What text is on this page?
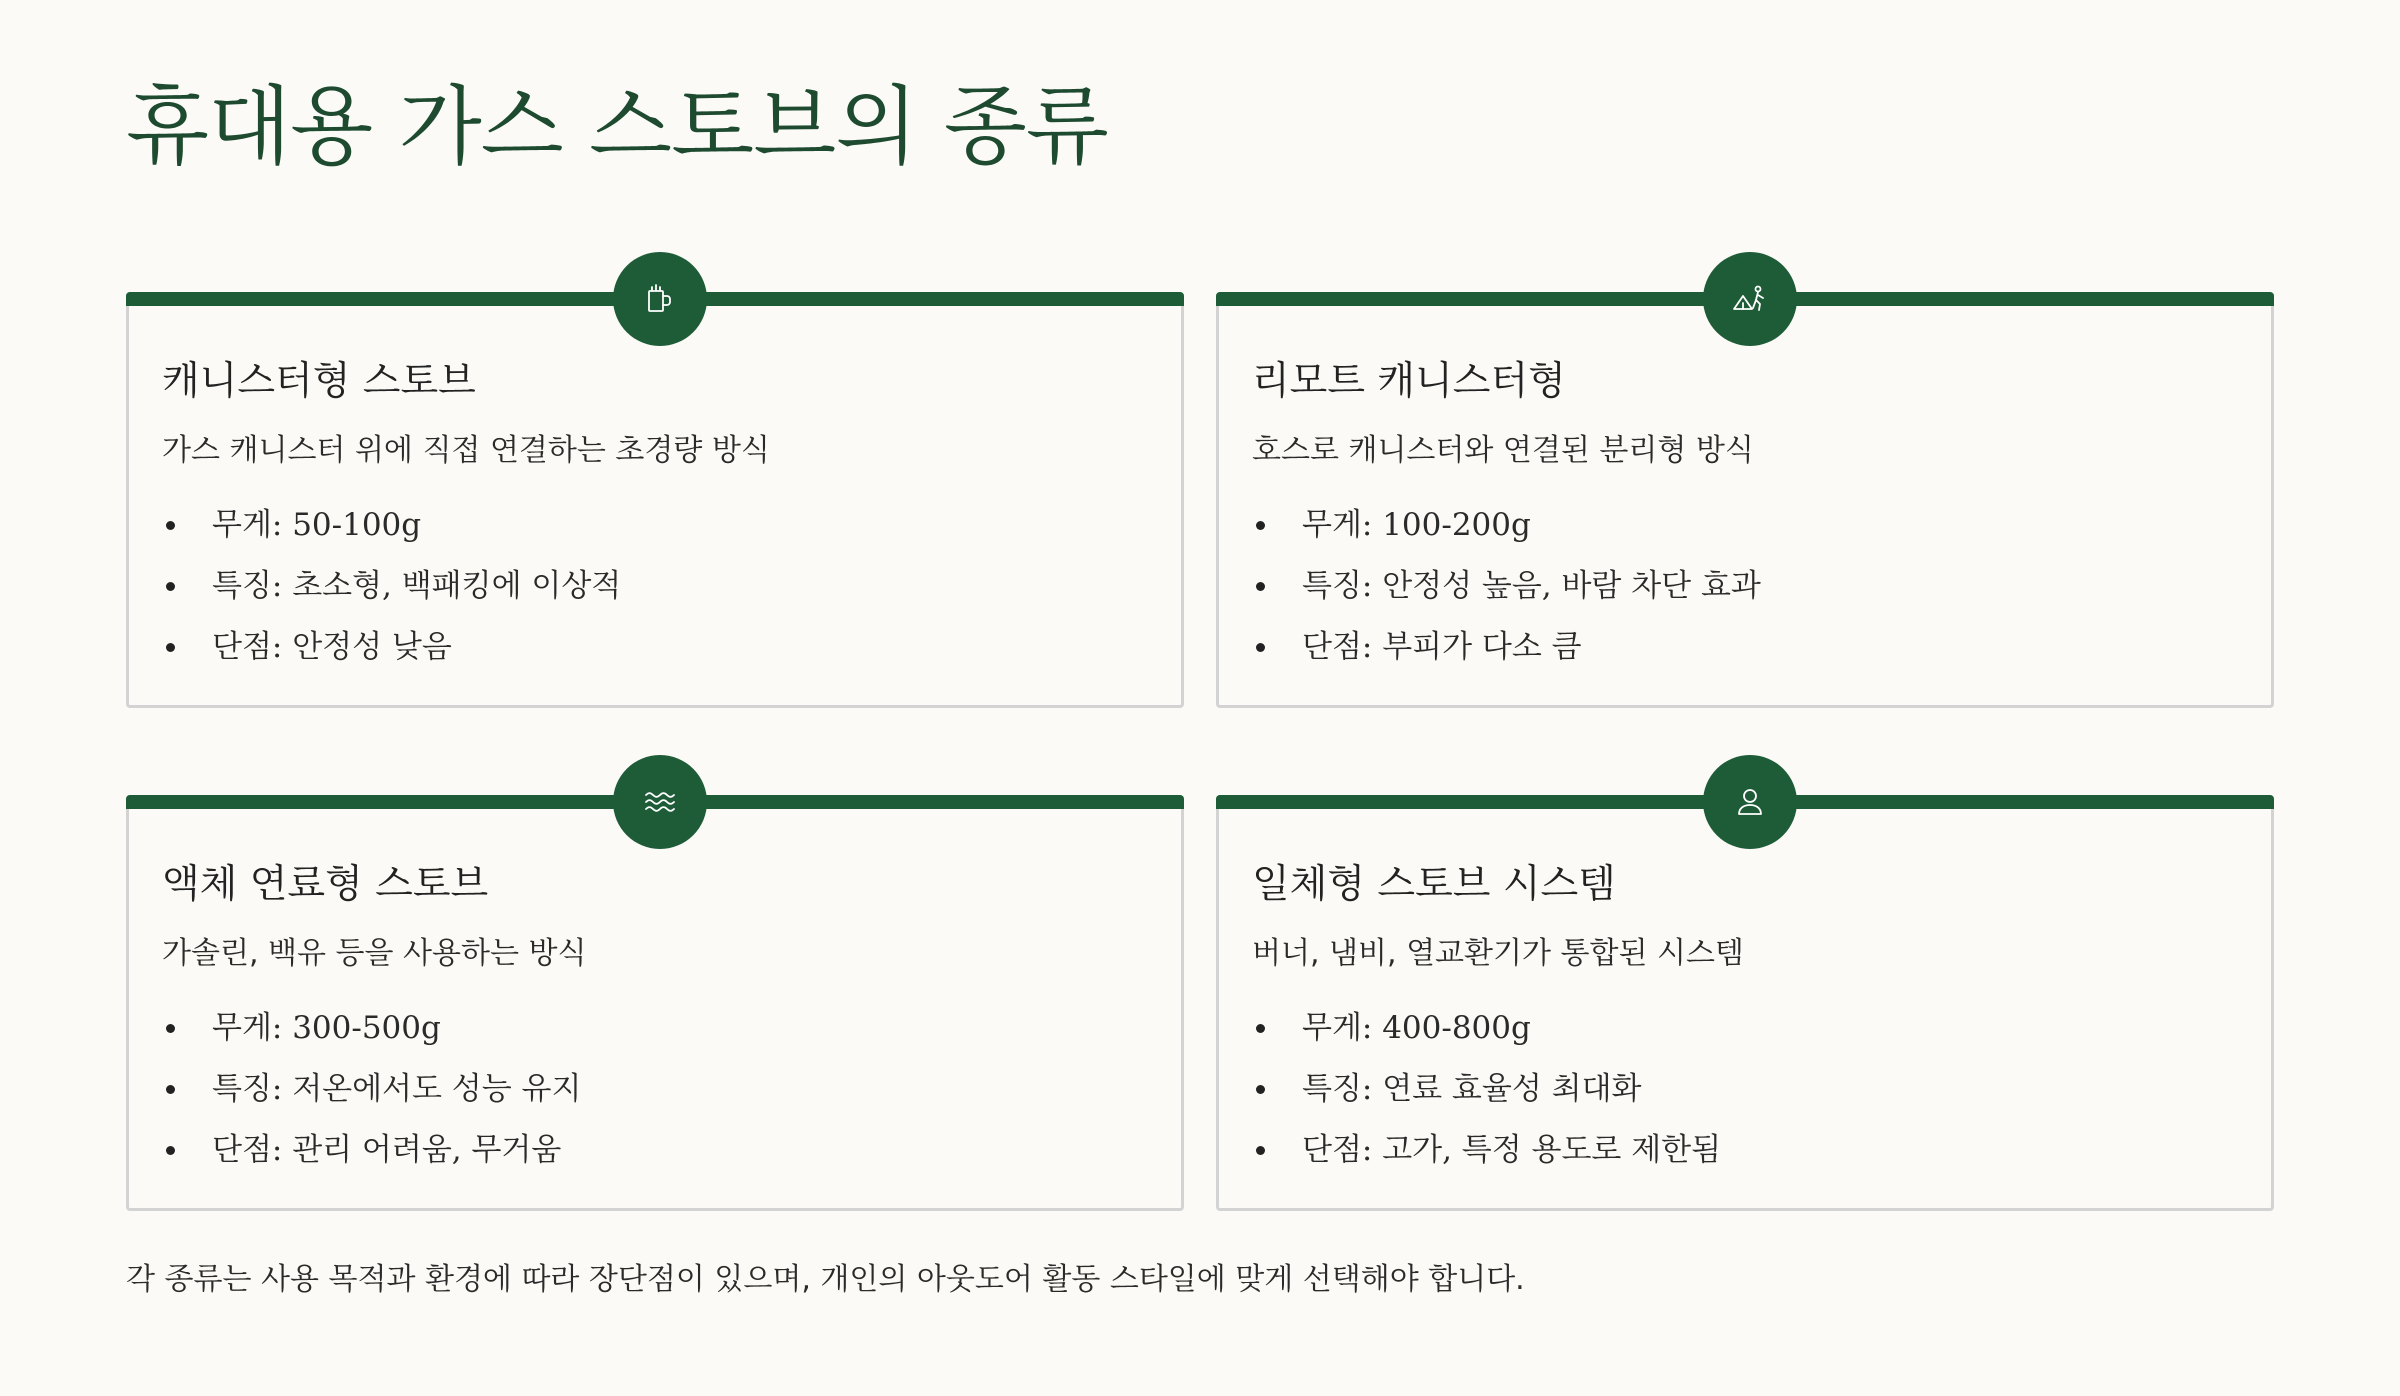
휴대용 가스 스토브의 종류
캐니스터형 스토브

가스 캐니스터 위에 직접 연결하는 초경량 방식

무게: 50-100g
특징: 초소형, 백패킹에 이상적
단점: 안정성 낮음
리모트 캐니스터형

호스로 캐니스터와 연결된 분리형 방식

무게: 100-200g
특징: 안정성 높음, 바람 차단 효과
단점: 부피가 다소 큼
액체 연료형 스토브

가솔린, 백유 등을 사용하는 방식

무게: 300-500g
특징: 저온에서도 성능 유지
단점: 관리 어려움, 무거움
일체형 스토브 시스템

버너, 냄비, 열교환기가 통합된 시스템

무게: 400-800g
특징: 연료 효율성 최대화
단점: 고가, 특정 용도로 제한됨

각 종류는 사용 목적과 환경에 따라 장단점이 있으며, 개인의 아웃도어 활동 스타일에 맞게 선택해야 합니다.
